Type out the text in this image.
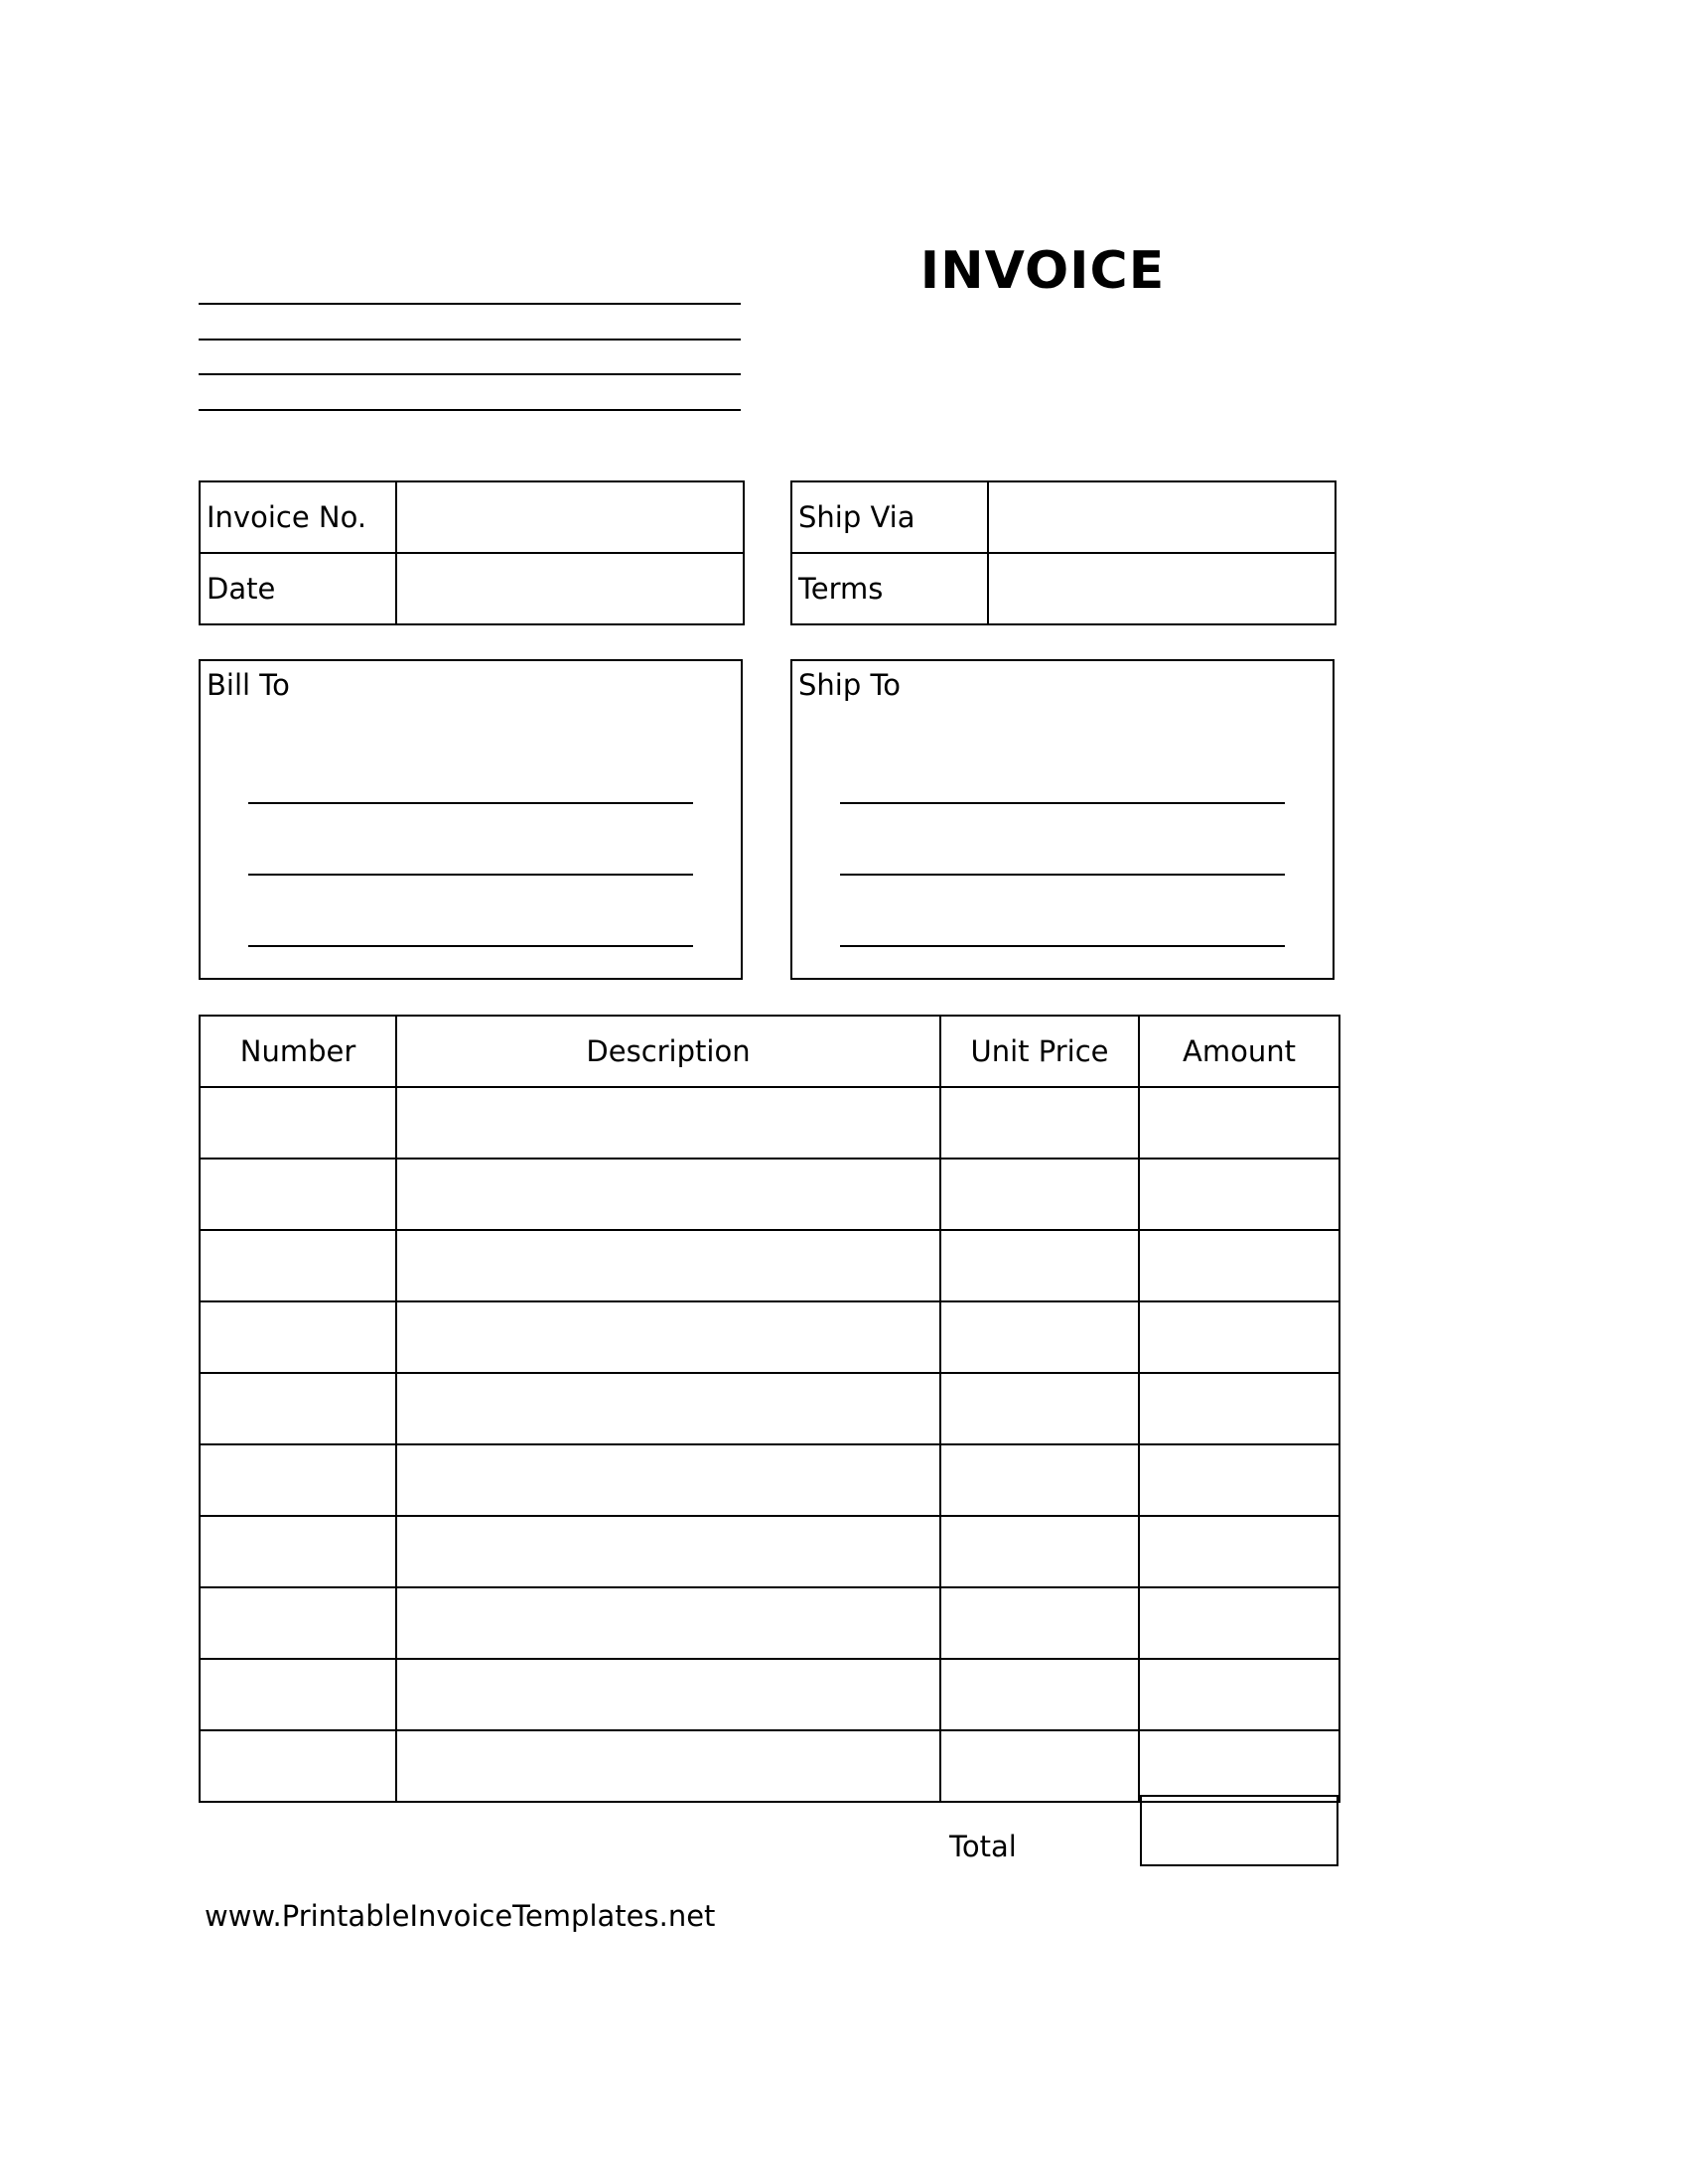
INVOICE
Invoice No.	
Date	
Ship Via	
Terms	
Bill To	Ship To
Number	Description	Unit Price	Amount

Total
www.PrintableInvoiceTemplates.net
